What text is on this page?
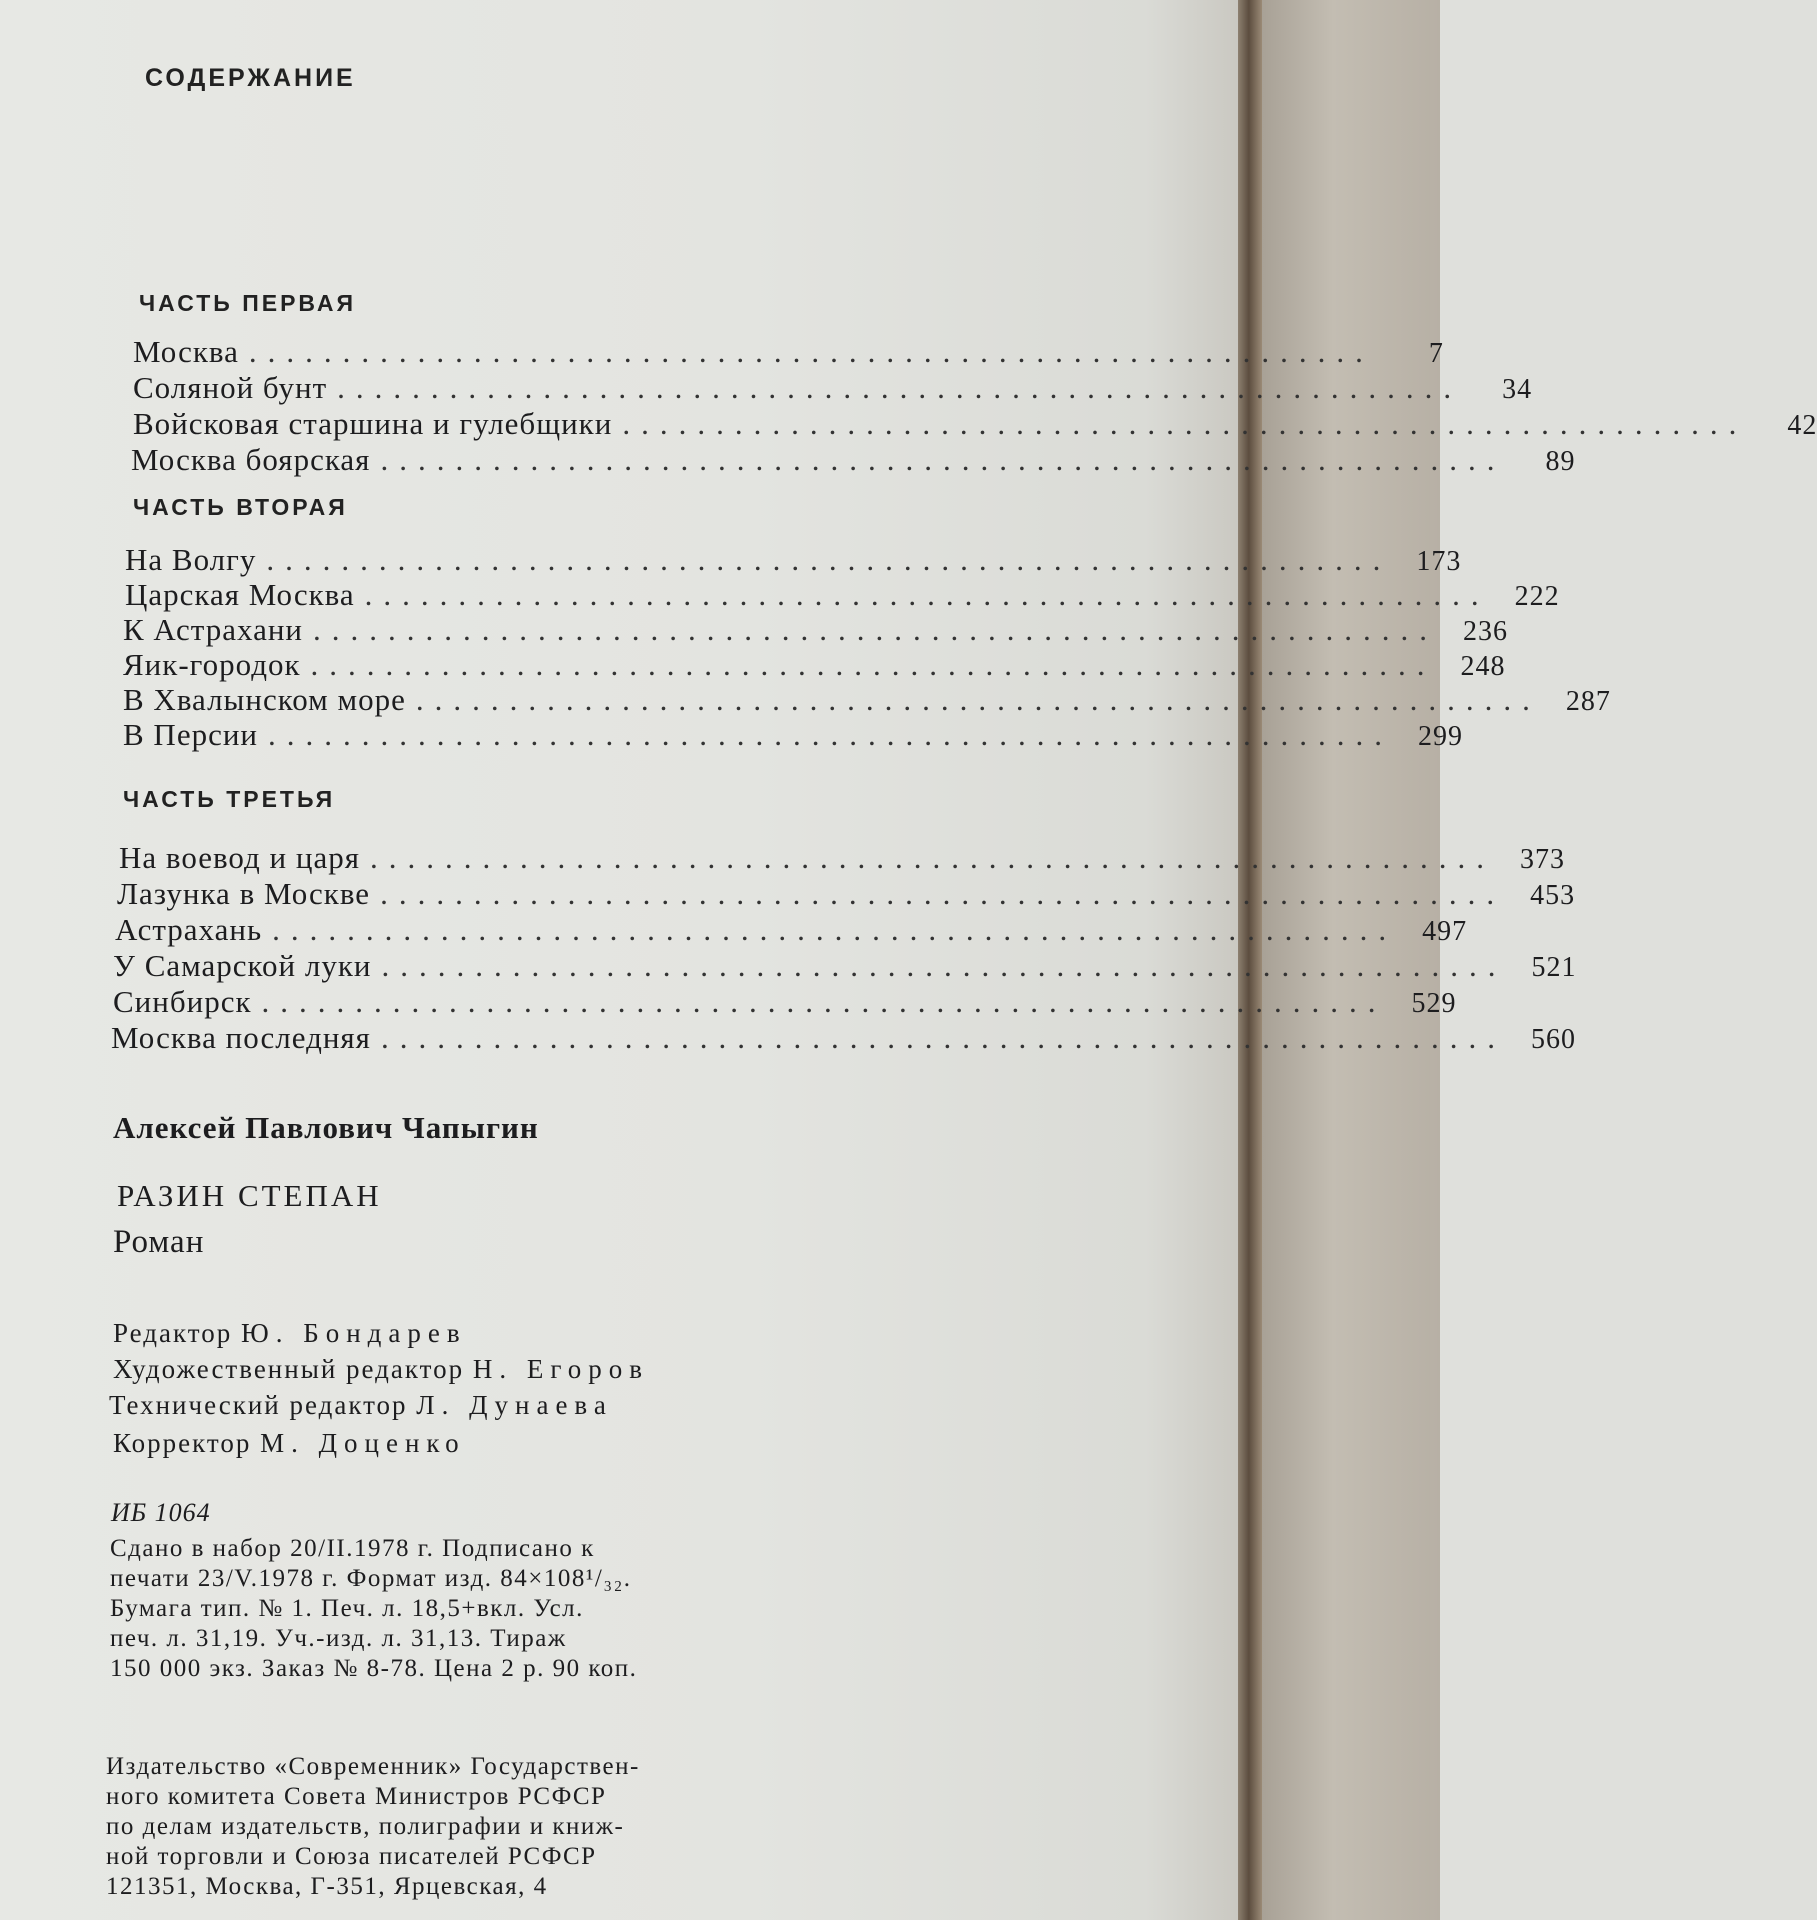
СОДЕРЖАНИЕ
ЧАСТЬ ПЕРВАЯ
Москва ............................................................	7
Соляной бунт ............................................................	34
Войсковая старшина и гулебщики ............................................................	42
Москва боярская ............................................................	89
ЧАСТЬ ВТОРАЯ
На Волгу ............................................................ 173
Царская Москва ............................................................ 222
К Астрахани ............................................................ 236
Яик-городок ............................................................ 248
В Хвалынском море ............................................................ 287
В Персии ............................................................ 299
ЧАСТЬ ТРЕТЬЯ
На воевод и царя ............................................................ 373
Лазунка в Москве ............................................................ 453
Астрахань ............................................................ 497
У Самарской луки ............................................................ 521
Синбирск ............................................................ 529
Москва последняя ............................................................ 560
Алексей Павлович Чапыгин
РАЗИН СТЕПАН
Роман
Редактор Ю. Бондарев
Художественный редактор Н. Егоров
Технический редактор Л. Дунаева
Корректор М. Доценко
ИБ 1064
Сдано в набор 20/II.1978 г. Подписано к
печати 23/V.1978 г. Формат изд. 84×108¹/₃₂.
Бумага тип. № 1. Печ. л. 18,5+вкл. Усл.
печ. л. 31,19. Уч.-изд. л. 31,13. Тираж
150 000 экз. Заказ № 8-78. Цена 2 р. 90 коп.
Издательство «Современник» Государствен-
ного комитета Совета Министров РСФСР
по делам издательств, полиграфии и книж-
ной торговли и Союза писателей РСФСР
121351, Москва, Г-351, Ярцевская, 4
